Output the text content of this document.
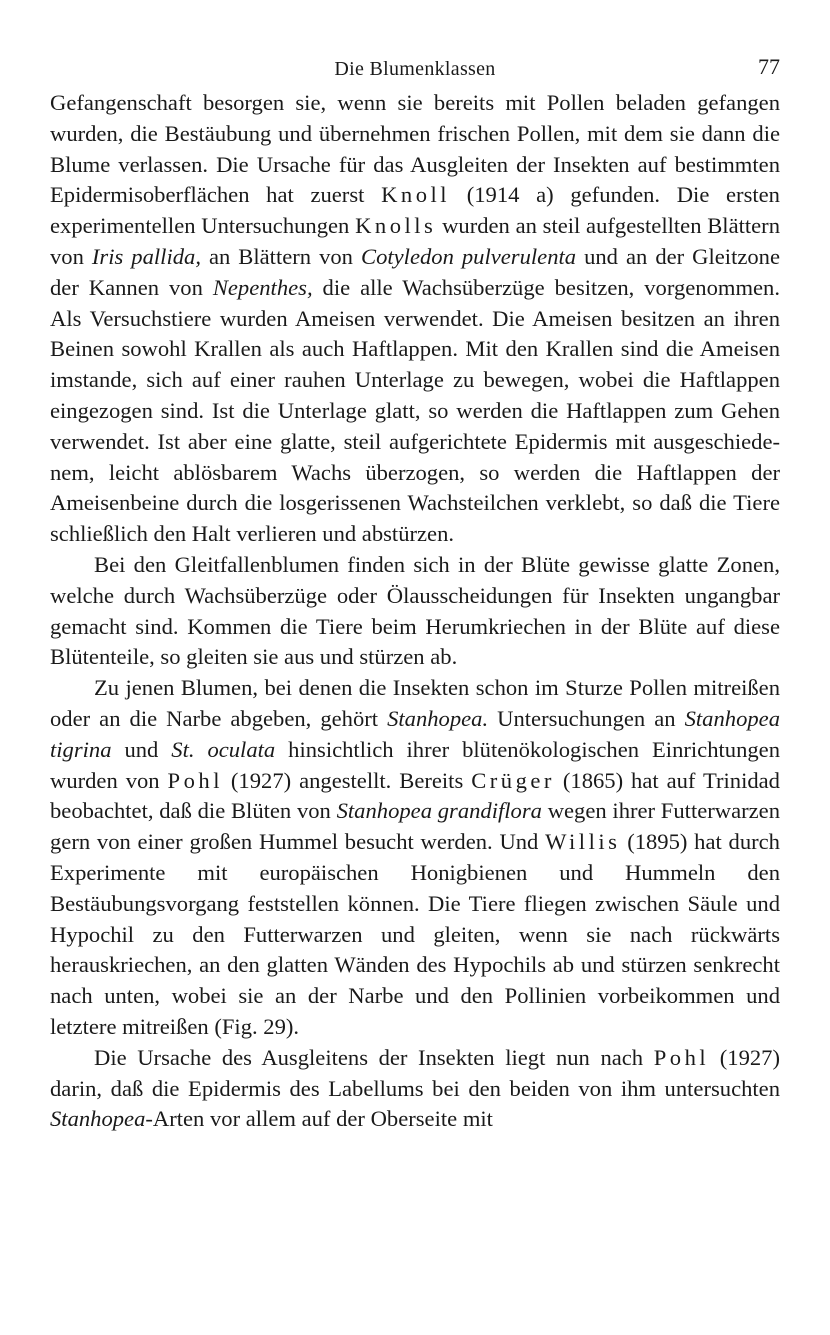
Die Blumenklassen	77

Gefangenschaft besorgen sie, wenn sie bereits mit Pollen beladen gefangen wurden, die Bestäubung und übernehmen frischen Pollen, mit dem sie dann die Blume verlassen. Die Ursache für das Ausgleiten der Insekten auf bestimmten Epidermisoberflächen hat zuerst Knoll (1914 a) gefunden. Die ersten experimentellen Untersuchungen Knolls wurden an steil aufgestellten Blättern von Iris pallida, an Blättern von Cotyledon pulverulenta und an der Gleitzone der Kannen von Nepenthes, die alle Wachsüberzüge besitzen, vorgenommen. Als Versuchstiere wurden Ameisen verwendet. Die Ameisen besitzen an ihren Beinen sowohl Krallen als auch Haftlappen. Mit den Krallen sind die Ameisen imstande, sich auf einer rauhen Unterlage zu bewegen, wobei die Haftlappen eingezogen sind. Ist die Unterlage glatt, so werden die Haftlappen zum Gehen verwendet. Ist aber eine glatte, steil aufgerichtete Epidermis mit ausgeschiedenem, leicht ablösbarem Wachs überzogen, so werden die Haftlappen der Ameisenbeine durch die losgerissenen Wachsteilchen verklebt, so daß die Tiere schließlich den Halt verlieren und abstürzen.

Bei den Gleitfallenblumen finden sich in der Blüte gewisse glatte Zonen, welche durch Wachsüberzüge oder Ölausscheidungen für Insekten ungangbar gemacht sind. Kommen die Tiere beim Herumkriechen in der Blüte auf diese Blütenteile, so gleiten sie aus und stürzen ab.

Zu jenen Blumen, bei denen die Insekten schon im Sturze Pollen mitreißen oder an die Narbe abgeben, gehört Stanhopea. Untersuchungen an Stanhopea tigrina und St. oculata hinsichtlich ihrer blütenökologischen Einrichtungen wurden von Pohl (1927) angestellt. Bereits Crüger (1865) hat auf Trinidad beobachtet, daß die Blüten von Stanhopea grandiflora wegen ihrer Futterwarzen gern von einer großen Hummel besucht werden. Und Willis (1895) hat durch Experimente mit europäischen Honigbienen und Hummeln den Bestäubungsvorgang feststellen können. Die Tiere fliegen zwischen Säule und Hypochil zu den Futterwarzen und gleiten, wenn sie nach rückwärts herauskriechen, an den glatten Wänden des Hypochils ab und stürzen senkrecht nach unten, wobei sie an der Narbe und den Pollinien vorbeikommen und letztere mitreißen (Fig. 29).

Die Ursache des Ausgleitens der Insekten liegt nun nach Pohl (1927) darin, daß die Epidermis des Labellums bei den beiden von ihm untersuchten Stanhopea-Arten vor allem auf der Oberseite mit
